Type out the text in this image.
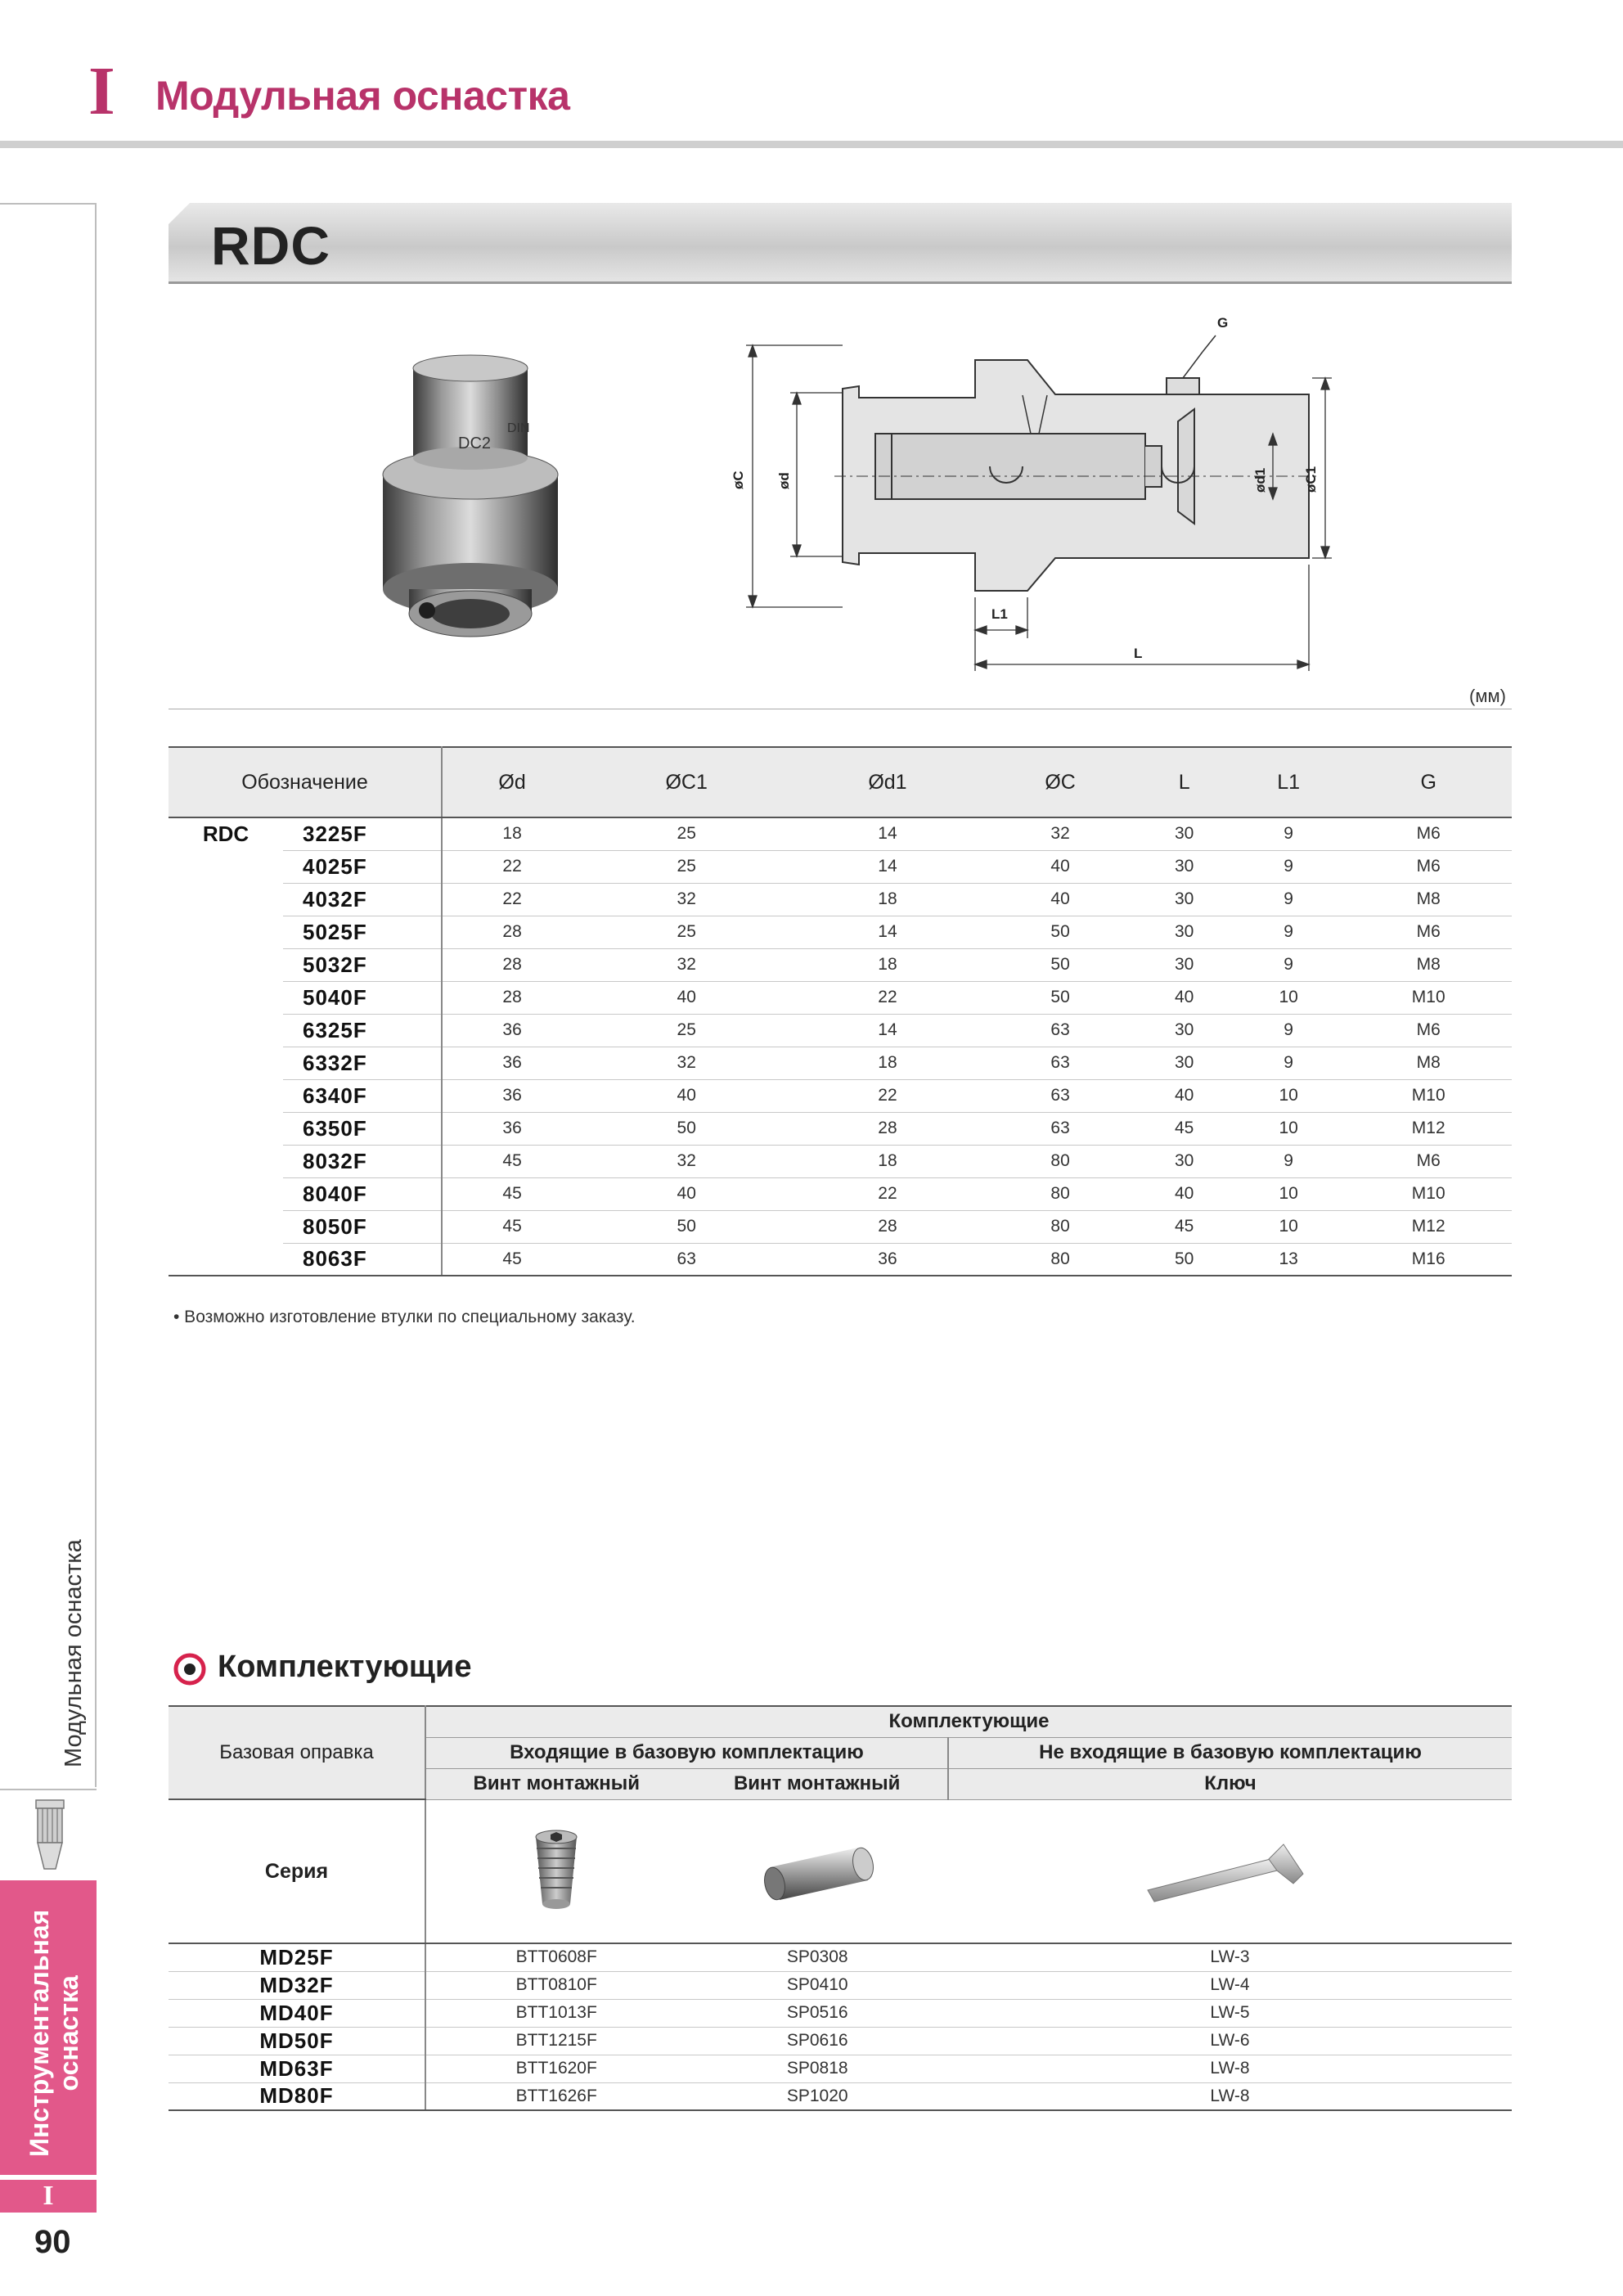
I Модульная оснастка
Модульная оснастка
Инструментальная оснастка
I
90
RDC
DIN
DC2
G
øC ød	ød1	øC1
L1
L
(мм)
Обозначение		Ød	ØC1	Ød1	ØC	L	L1	G
RDC	3225F	18	25	14	32	30	9	M6
	4025F	22	25	14	40	30	9	M6
	4032F	22	32	18	40	30	9	M8
	5025F	28	25	14	50	30	9	M6
	5032F	28	32	18	50	30	9	M8
	5040F	28	40	22	50	40	10	M10
	6325F	36	25	14	63	30	9	M6
	6332F	36	32	18	63	30	9	M8
	6340F	36	40	22	63	40	10	M10
	6350F	36	50	28	63	45	10	M12
	8032F	45	32	18	80	30	9	M6
	8040F	45	40	22	80	40	10	M10
	8050F	45	50	28	80	45	10	M12
	8063F	45	63	36	80	50	13	M16
• Возможно изготовление втулки по специальному заказу.
Комплектующие
Базовая оправка	Комплектующие		
	Входящие в базовую комплектацию		Не входящие в базовую комплектацию
	Винт монтажный	Винт монтажный	Ключ
Серия	

MD25F	BTT0608F	SP0308	LW-3
MD32F	BTT0810F	SP0410	LW-4
MD40F	BTT1013F	SP0516	LW-5
MD50F	BTT1215F	SP0616	LW-6
MD63F	BTT1620F	SP0818	LW-8
MD80F	BTT1626F	SP1020	LW-8
